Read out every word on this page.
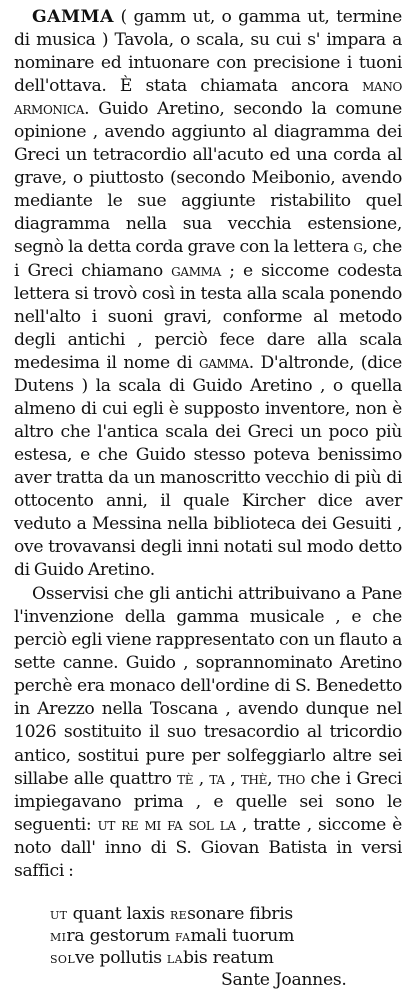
GAMMA ( gamm ut, o gamma ut, termine di musica ) Tavola, o scala, su cui s' impara a nominare ed intuonare con precisione i tuoni dell'ottava. È stata chiamata ancora mano armonica. Guido Aretino, secondo la comune opinione , avendo aggiunto al diagramma dei Greci un tetracordio all'acuto ed una corda al grave, o piuttosto (secondo Meibonio, avendo mediante le sue aggiunte ristabilito quel diagramma nella sua vecchia estensione, segnò la detta corda grave con la lettera g, che i Greci chiamano gamma ; e siccome codesta lettera si trovò così in testa alla scala ponendo nell'alto i suoni gravi, conforme al metodo degli antichi , perciò fece dare alla scala medesima il nome di gamma. D'altronde, (dice Dutens ) la scala di Guido Aretino , o quella almeno di cui egli è supposto inventore, non è altro che l'antica scala dei Greci un poco più estesa, e che Guido stesso poteva benissimo aver tratta da un manoscritto vecchio di più di ottocento anni, il quale Kircher dice aver veduto a Messina nella biblioteca dei Gesuiti , ove trovavansi degli inni notati sul modo detto di Guido Aretino.

Osservisi che gli antichi attribuivano a Pane l'invenzione della gamma musicale , e che perciò egli viene rappresentato con un flauto a sette canne. Guido , soprannominato Aretino perchè era monaco dell'ordine di S. Benedetto in Arezzo nella Toscana , avendo dunque nel 1026 sostituito il suo tresacordio al tricordio antico, sostitui pure per solfeggiarlo altre sei sillabe alle quattro tè , ta , thè, tho che i Greci impiegavano prima , e quelle sei sono le seguenti: ut re mi fa sol la , tratte , siccome è noto dall' inno di S. Giovan Batista in versi saffici :

ut quant laxis resonare fibris
mira gestorum famali tuorum
solve pollutis labis reatum
Sante Joannes.
